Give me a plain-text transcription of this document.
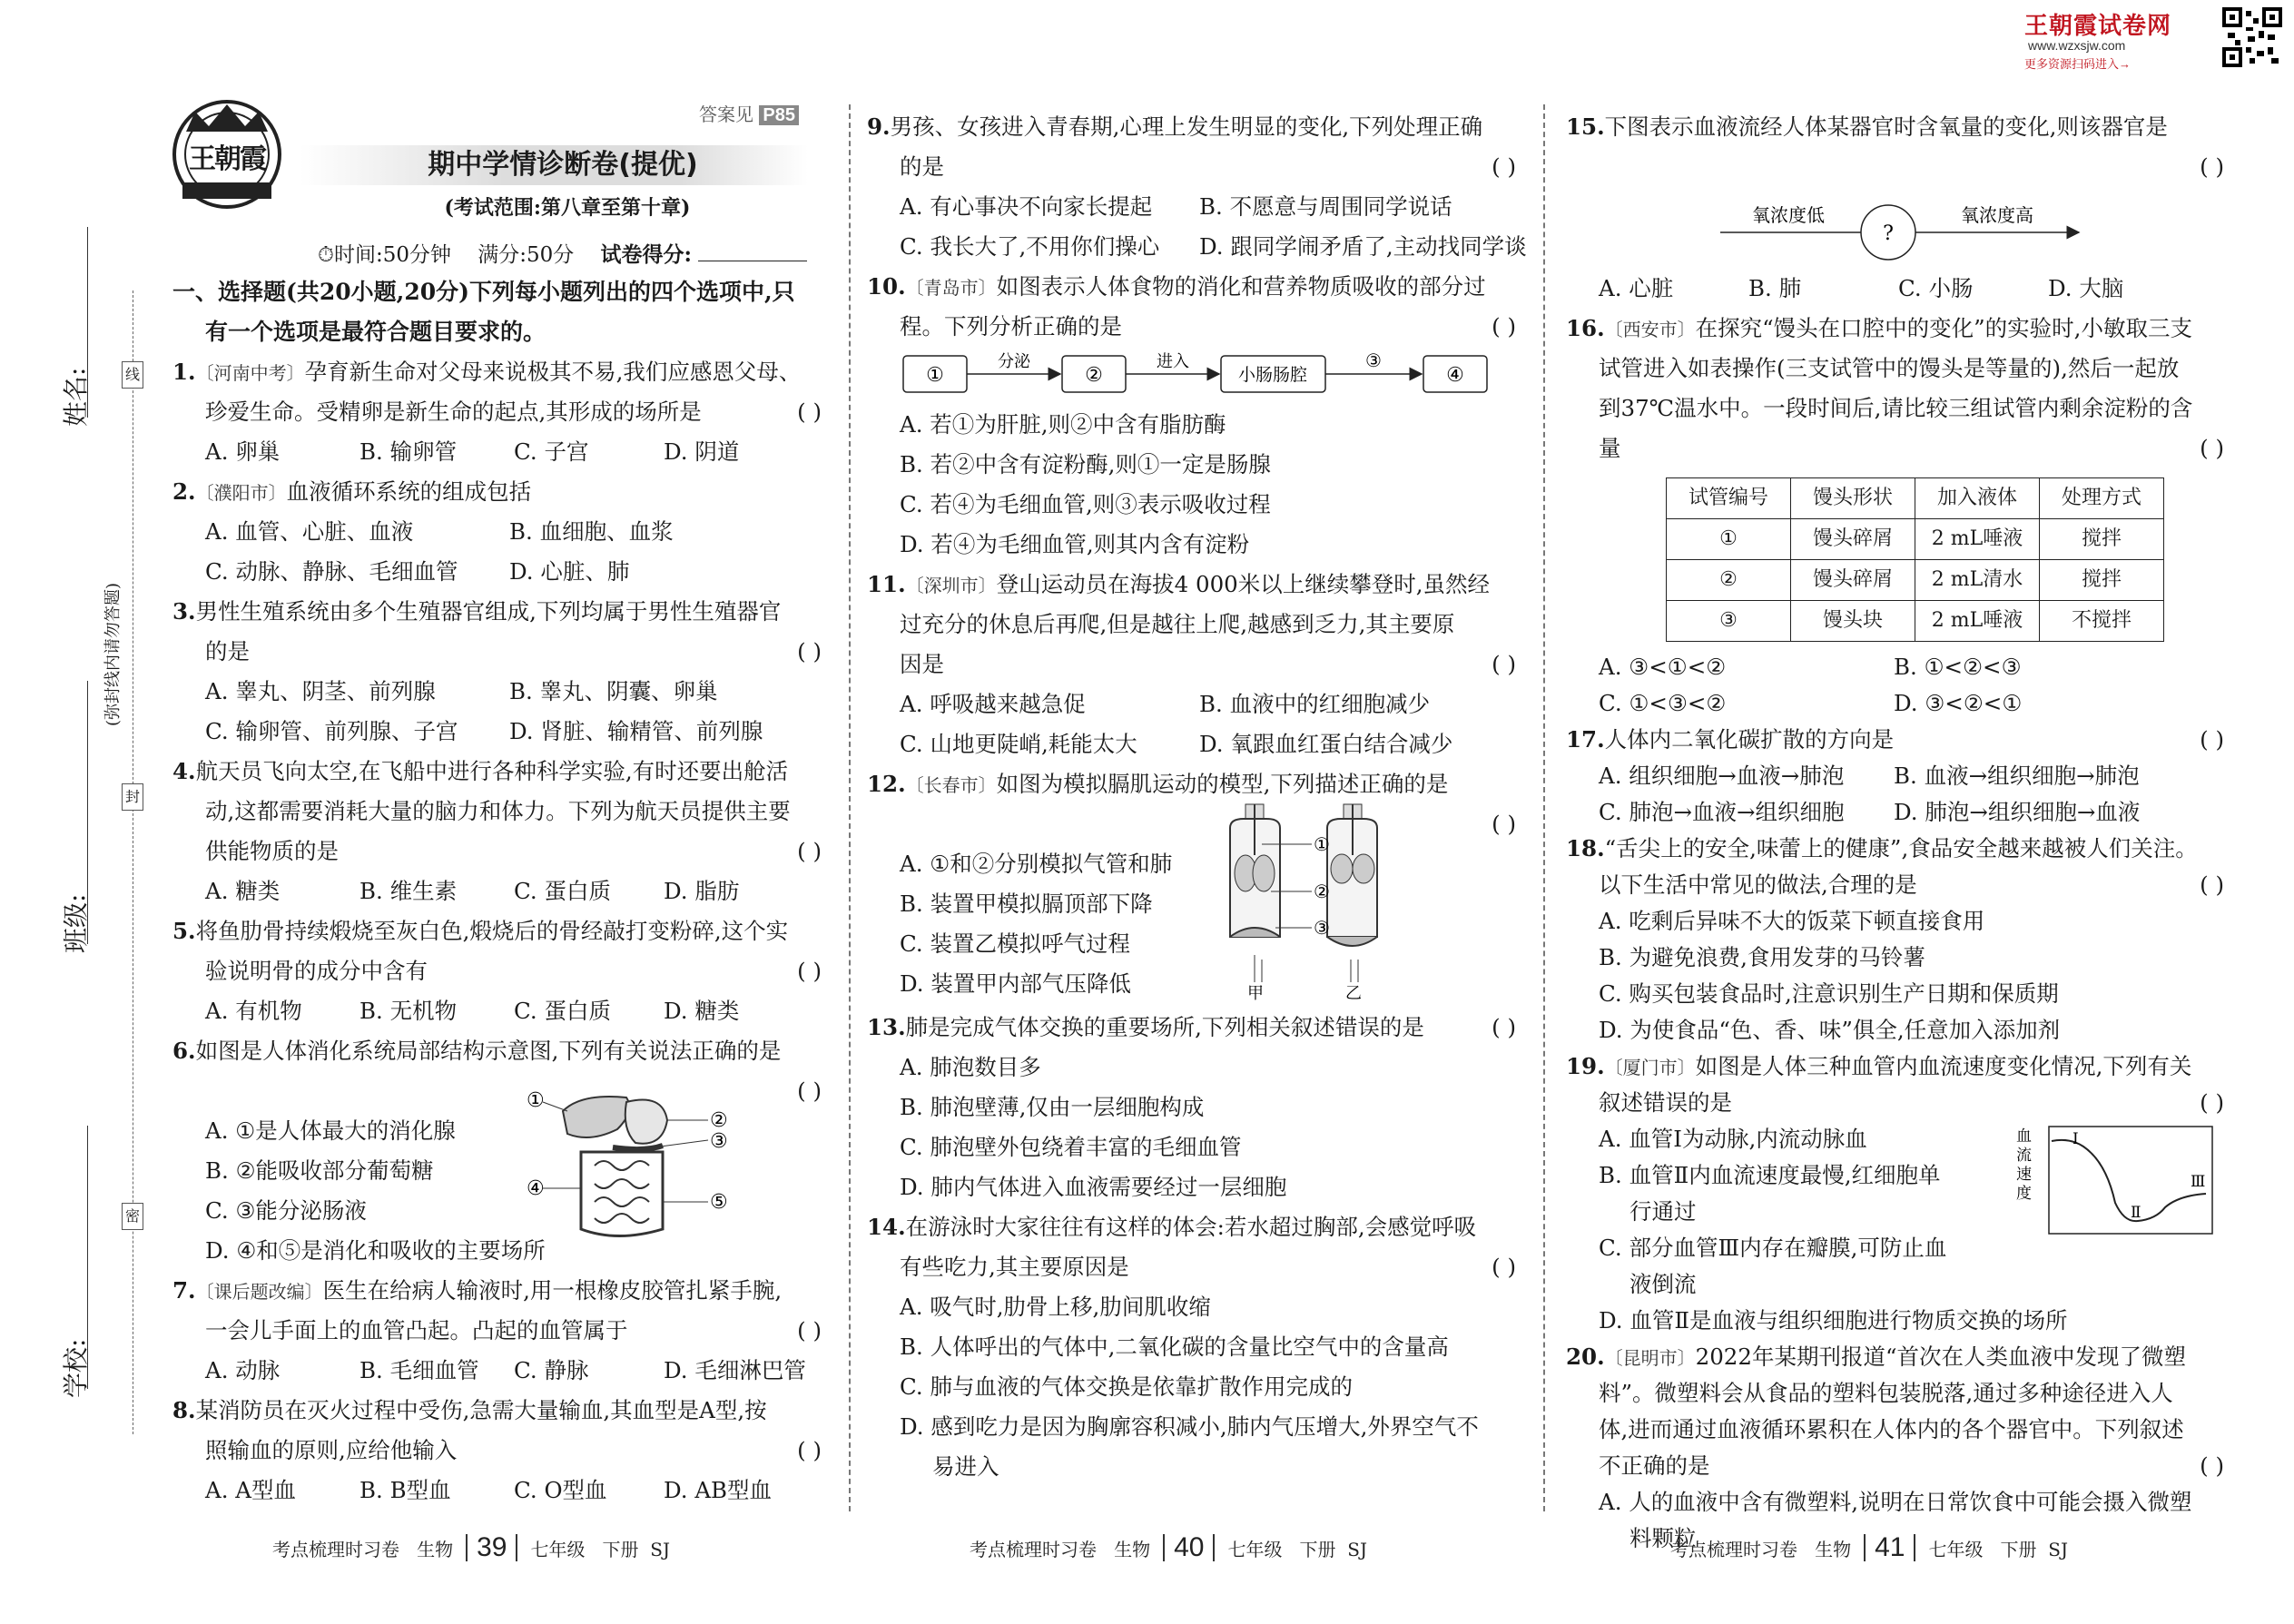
王朝霞试卷网
www.wzxsjw.com
更多资源扫码进入→
姓名:
班级:
学校:
(弥封线内请勿答题)
线
封
密
王朝霞
答案见 P85
期中学情诊断卷(提优)
(考试范围:第八章至第十章)
⏱时间:50分钟 满分:50分 试卷得分:
一、选择题(共20小题,20分)下列每小题列出的四个选项中,只
有一个选项是最符合题目要求的。
1.〔河南中考〕孕育新生命对父母来说极其不易,我们应感恩父母、
珍爱生命。受精卵是新生命的起点,其形成的场所是	( )
A. 卵巢	B. 输卵管	C. 子宫	D. 阴道
2.〔濮阳市〕血液循环系统的组成包括
A. 血管、心脏、血液	B. 血细胞、血浆
C. 动脉、静脉、毛细血管 D. 心脏、肺
3.男性生殖系统由多个生殖器官组成,下列均属于男性生殖器官
的是	( )
A. 睾丸、阴茎、前列腺	B. 睾丸、阴囊、卵巢
C. 输卵管、前列腺、子宫 D. 肾脏、输精管、前列腺
4.航天员飞向太空,在飞船中进行各种科学实验,有时还要出舱活
动,这都需要消耗大量的脑力和体力。下列为航天员提供主要
供能物质的是	( )
A. 糖类	B. 维生素	C. 蛋白质 D. 脂肪
5.将鱼肋骨持续煅烧至灰白色,煅烧后的骨经敲打变粉碎,这个实
验说明骨的成分中含有	( )
A. 有机物	B. 无机物	C. 蛋白质 D. 糖类
6.如图是人体消化系统局部结构示意图,下列有关说法正确的是
( )
A. ①是人体最大的消化腺
B. ②能吸收部分葡萄糖
C. ③能分泌肠液
D. ④和⑤是消化和吸收的主要场所
①
②
③
④
⑤
7.〔课后题改编〕医生在给病人输液时,用一根橡皮胶管扎紧手腕,
一会儿手面上的血管凸起。凸起的血管属于	( )
A. 动脉	B. 毛细血管 C. 静脉	D. 毛细淋巴管
8.某消防员在灭火过程中受伤,急需大量输血,其血型是A型,按
照输血的原则,应给他输入	( )
A. A型血	B. B型血	C. O型血	D. AB型血
9.男孩、女孩进入青春期,心理上发生明显的变化,下列处理正确
的是	( )
A. 有心事决不向家长提起 B. 不愿意与周围同学说话
C. 我长大了,不用你们操心 D. 跟同学闹矛盾了,主动找同学谈
10.〔青岛市〕如图表示人体食物的消化和营养物质吸收的部分过
程。下列分析正确的是	( )
①
分泌
②
进入
小肠肠腔
③
④
A. 若①为肝脏,则②中含有脂肪酶
B. 若②中含有淀粉酶,则①一定是肠腺
C. 若④为毛细血管,则③表示吸收过程
D. 若④为毛细血管,则其内含有淀粉
11.〔深圳市〕登山运动员在海拔4 000米以上继续攀登时,虽然经
过充分的休息后再爬,但是越往上爬,越感到乏力,其主要原
因是	( )
A. 呼吸越来越急促	B. 血液中的红细胞减少
C. 山地更陡峭,耗能太大	D. 氧跟血红蛋白结合减少
12.〔长春市〕如图为模拟膈肌运动的模型,下列描述正确的是
( )
A. ①和②分别模拟气管和肺
B. 装置甲模拟膈顶部下降
C. 装置乙模拟呼气过程
D. 装置甲内部气压降低
①
②
③
甲	乙
13.肺是完成气体交换的重要场所,下列相关叙述错误的是	( )
A. 肺泡数目多
B. 肺泡壁薄,仅由一层细胞构成
C. 肺泡壁外包绕着丰富的毛细血管
D. 肺内气体进入血液需要经过一层细胞
14.在游泳时大家往往有这样的体会:若水超过胸部,会感觉呼吸
有些吃力,其主要原因是	( )
A. 吸气时,肋骨上移,肋间肌收缩
B. 人体呼出的气体中,二氧化碳的含量比空气中的含量高
C. 肺与血液的气体交换是依靠扩散作用完成的
D. 感到吃力是因为胸廓容积减小,肺内气压增大,外界空气不
易进入
15.下图表示血液流经人体某器官时含氧量的变化,则该器官是
( )
氧浓度低
?
氧浓度高
A. 心脏	B. 肺	C. 小肠	D. 大脑
16.〔西安市〕在探究“馒头在口腔中的变化”的实验时,小敏取三支
试管进入如表操作(三支试管中的馒头是等量的),然后一起放
到37℃温水中。一段时间后,请比较三组试管内剩余淀粉的含
量	( )
试管编号	馒头形状	加入液体	处理方式
①	馒头碎屑	2 mL唾液	搅拌
②	馒头碎屑	2 mL清水	搅拌
③	馒头块	2 mL唾液	不搅拌
A. ③<①<②	B. ①<②<③
C. ①<③<②	D. ③<②<①
17.人体内二氧化碳扩散的方向是	( )
A. 组织细胞→血液→肺泡 B. 血液→组织细胞→肺泡
C. 肺泡→血液→组织细胞 D. 肺泡→组织细胞→血液
18.“舌尖上的安全,味蕾上的健康”,食品安全越来越被人们关注。
以下生活中常见的做法,合理的是	( )
A. 吃剩后异味不大的饭菜下顿直接食用
B. 为避免浪费,食用发芽的马铃薯
C. 购买包装食品时,注意识别生产日期和保质期
D. 为使食品“色、香、味”俱全,任意加入添加剂
19.〔厦门市〕如图是人体三种血管内血流速度变化情况,下列有关
叙述错误的是	( )
A. 血管Ⅰ为动脉,内流动脉血
B. 血管Ⅱ内血流速度最慢,红细胞单
行通过
C. 部分血管Ⅲ内存在瓣膜,可防止血
液倒流
D. 血管Ⅱ是血液与组织细胞进行物质交换的场所
血
流
速
度
Ⅰ
Ⅱ
Ⅲ
20.〔昆明市〕2022年某期刊报道“首次在人类血液中发现了微塑
料”。微塑料会从食品的塑料包装脱落,通过多种途径进入人
体,进而通过血液循环累积在人体内的各个器官中。下列叙述
不正确的是	( )
A. 人的血液中含有微塑料,说明在日常饮食中可能会摄入微塑
料颗粒
考点梳理时习卷 生物 39 七年级 下册 SJ	考点梳理时习卷 生物 40 七年级 下册 SJ	考点梳理时习卷 生物 41 七年级 下册 SJ
